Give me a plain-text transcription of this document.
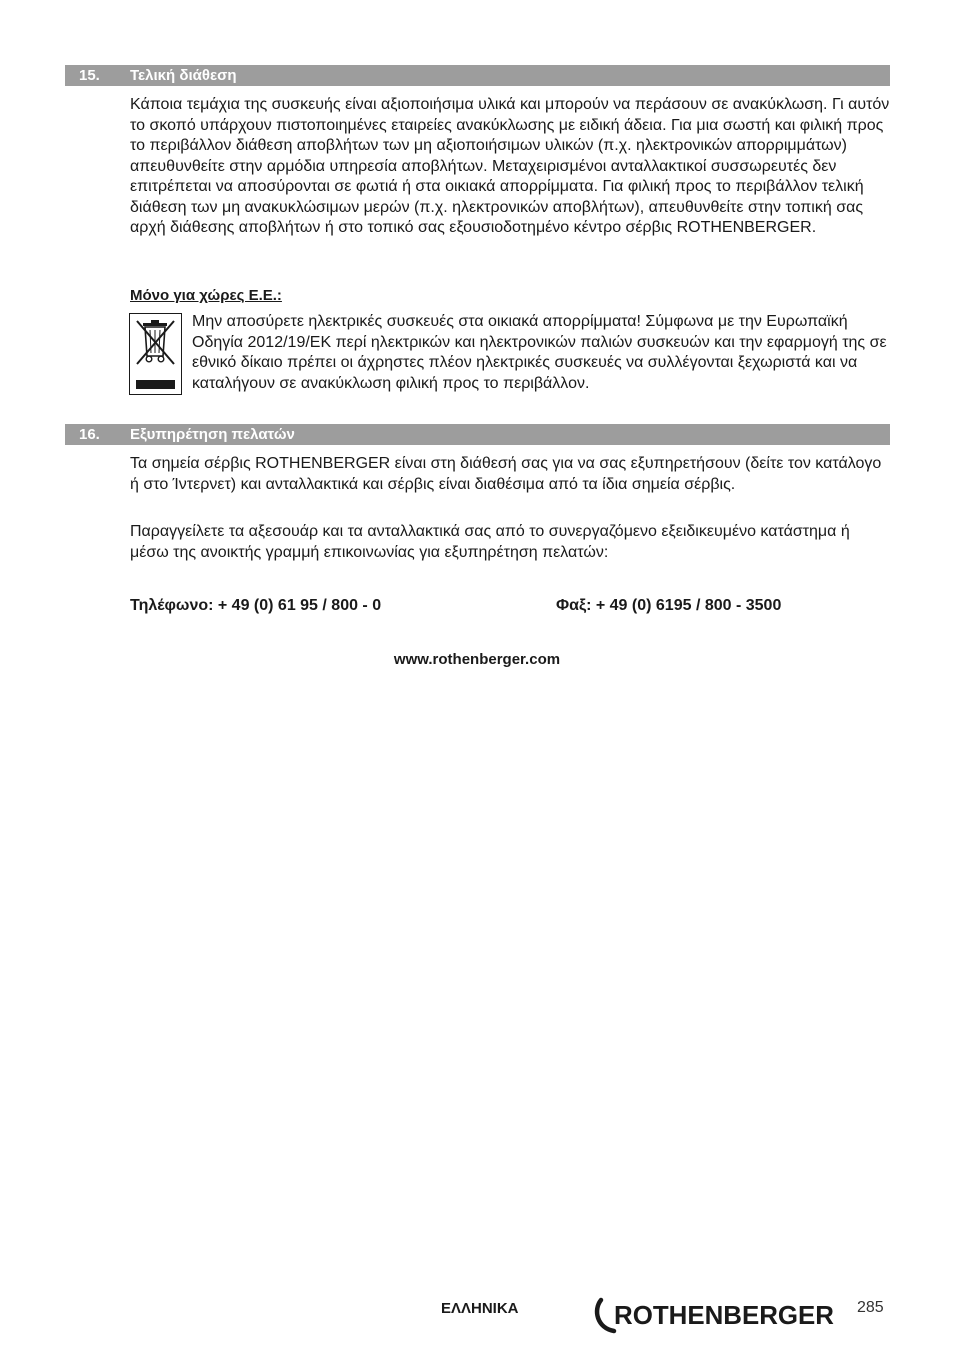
15. Τελική διάθεση

Κάποια τεμάχια της συσκευής είναι αξιοποιήσιμα υλικά και μπορούν να περάσουν σε ανακύκλωση. Γι αυτόν το σκοπό υπάρχουν πιστοποιημένες εταιρείες ανακύκλωσης με ειδική άδεια. Για μια σωστή και φιλική προς το περιβάλλον διάθεση αποβλήτων των μη αξιοποιήσιμων υλικών (π.χ. ηλεκτρονικών απορριμμάτων) απευθυνθείτε στην αρμόδια υπηρεσία αποβλήτων. Μεταχειρισμένοι ανταλλακτικοί συσσωρευτές δεν επιτρέπεται να αποσύρονται σε φωτιά ή στα οικιακά απορρίμματα. Για φιλική προς το περιβάλλον τελική διάθεση των μη ανακυκλώσιμων μερών (π.χ. ηλεκτρονικών αποβλήτων), απευθυνθείτε στην τοπική σας αρχή διάθεσης αποβλήτων ή στο τοπικό σας εξουσιοδοτημένο κέντρο σέρβις ROTHENBERGER.

Μόνο για χώρες Ε.Ε.:

Μην αποσύρετε ηλεκτρικές συσκευές στα οικιακά απορρίμματα! Σύμφωνα με την Ευρωπαϊκή Οδηγία 2012/19/ΕΚ περί ηλεκτρικών και ηλεκτρονικών παλιών συσκευών και την εφαρμογή της σε εθνικό δίκαιο πρέπει οι άχρηστες πλέον ηλεκτρικές συσκευές να συλλέγονται ξεχωριστά και να καταλήγουν σε ανακύκλωση φιλική προς το περιβάλλον.

16. Εξυπηρέτηση πελατών

Τα σημεία σέρβις ROTHENBERGER είναι στη διάθεσή σας για να σας εξυπηρετήσουν (δείτε τον κατάλογο ή στο Ίντερνετ) και ανταλλακτικά και σέρβις είναι διαθέσιμα από τα ίδια σημεία σέρβις.

Παραγγείλετε τα αξεσουάρ και τα ανταλλακτικά σας από το συνεργαζόμενο εξειδικευμένο κατάστημα ή μέσω της ανοικτής γραμμή επικοινωνίας για εξυπηρέτηση πελατών:

Τηλέφωνο: + 49 (0) 61 95 / 800 - 0	Φαξ: + 49 (0) 6195 / 800 - 3500
www.rothenberger.com
ΕΛΛΗΝΙΚΑ	ROTHENBERGER 285
